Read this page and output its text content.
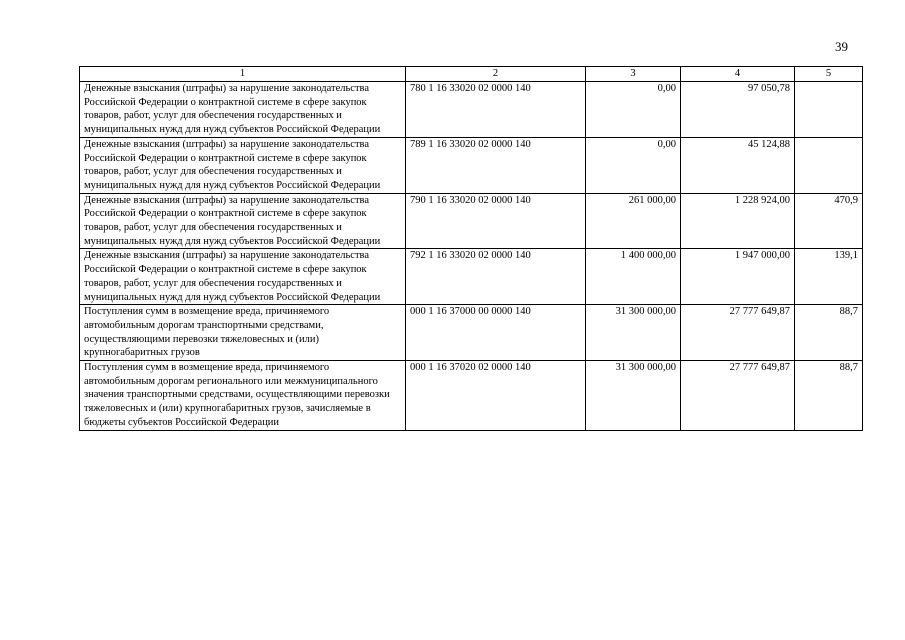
39
1	2	3	4	5
Денежные взыскания (штрафы) за нарушение законодательства Российской Федерации о контрактной системе в сфере закупок товаров, работ, услуг для обеспечения государственных и муниципальных нужд для нужд субъектов Российской Федерации	780 1 16 33020 02 0000 140	0,00	97 050,78	
Денежные взыскания (штрафы) за нарушение законодательства Российской Федерации о контрактной системе в сфере закупок товаров, работ, услуг для обеспечения государственных и муниципальных нужд для нужд субъектов Российской Федерации	789 1 16 33020 02 0000 140	0,00	45 124,88	
Денежные взыскания (штрафы) за нарушение законодательства Российской Федерации о контрактной системе в сфере закупок товаров, работ, услуг для обеспечения государственных и муниципальных нужд для нужд субъектов Российской Федерации	790 1 16 33020 02 0000 140	261 000,00	1 228 924,00	470,9
Денежные взыскания (штрафы) за нарушение законодательства Российской Федерации о контрактной системе в сфере закупок товаров, работ, услуг для обеспечения государственных и муниципальных нужд для нужд субъектов Российской Федерации	792 1 16 33020 02 0000 140	1 400 000,00	1 947 000,00	139,1
Поступления сумм в возмещение вреда, причиняемого автомобильным дорогам транспортными средствами, осуществляющими перевозки тяжеловесных и (или) крупногабаритных грузов	000 1 16 37000 00 0000 140	31 300 000,00	27 777 649,87	88,7
Поступления сумм в возмещение вреда, причиняемого автомобильным дорогам регионального или межмуниципального значения транспортными средствами, осуществляющими перевозки тяжеловесных и (или) крупногабаритных грузов, зачисляемые в бюджеты субъектов Российской Федерации	000 1 16 37020 02 0000 140	31 300 000,00	27 777 649,87	88,7
